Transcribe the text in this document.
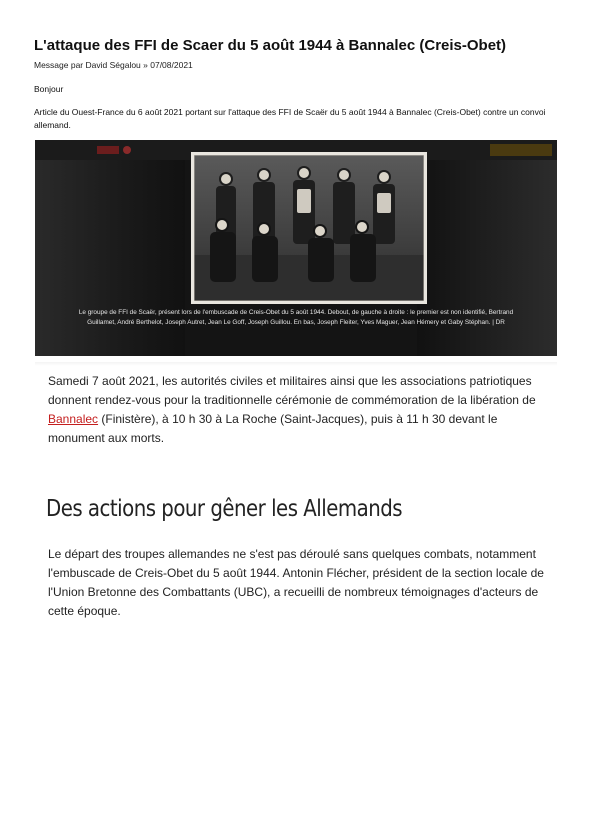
L'attaque des FFI de Scaer du 5 août 1944 à Bannalec (Creis-Obet)
Message par David Ségalou » 07/08/2021
Bonjour
Article du Ouest-France du 6 août 2021 portant sur l'attaque des FFI de Scaër du 5 août 1944 à Bannalec (Creis-Obet) contre un convoi allemand.
Le groupe de FFI de Scaër, présent lors de l'embuscade de Creis-Obet du 5 août 1944. Debout, de gauche à droite : le premier est non identifié, Bertrand Guillamet, André Berthelot, Joseph Autret, Jean Le Goff, Joseph Guillou. En bas, Joseph Fleiter, Yves Maguer, Jean Hémery et Gaby Stéphan. | DR

Samedi 7 août 2021, les autorités civiles et militaires ainsi que les associations patriotiques donnent rendez-vous pour la traditionnelle cérémonie de commémoration de la libération de Bannalec (Finistère), à 10 h 30 à La Roche (Saint-Jacques), puis à 11 h 30 devant le monument aux morts.

Des actions pour gêner les Allemands

Le départ des troupes allemandes ne s'est pas déroulé sans quelques combats, notamment l'embuscade de Creis-Obet du 5 août 1944. Antonin Flécher, président de la section locale de l'Union Bretonne des Combattants (UBC), a recueilli de nombreux témoignages d'acteurs de cette époque.
